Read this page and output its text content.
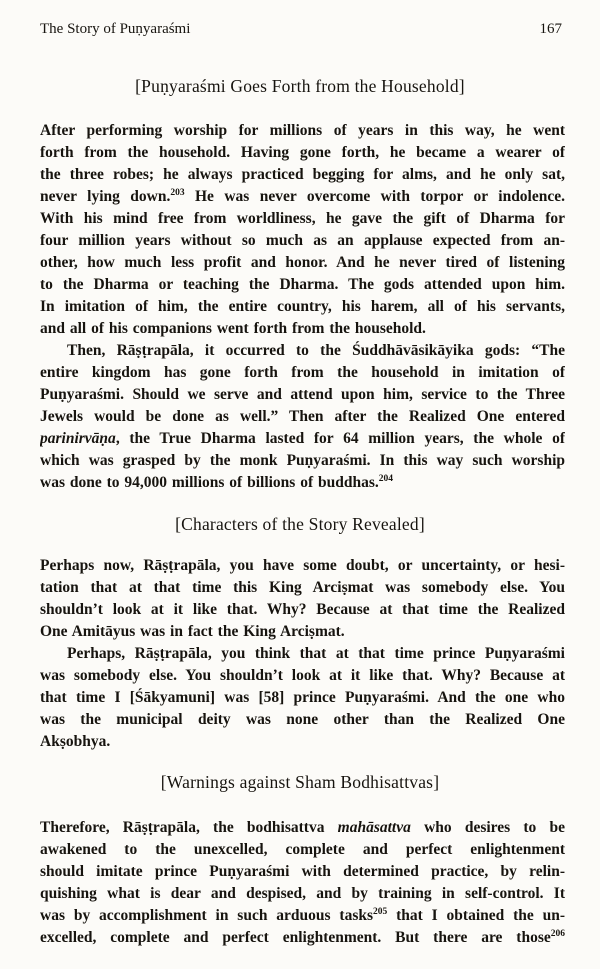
The Story of Puṇyaraśmi	167
[Puṇyaraśmi Goes Forth from the Household]
After performing worship for millions of years in this way, he went
forth from the household. Having gone forth, he became a wearer of
the three robes; he always practiced begging for alms, and he only sat,
never lying down.$^{203}$ He was never overcome with torpor or indolence.
With his mind free from worldliness, he gave the gift of Dharma for
four million years without so much as an applause expected from an-
other, how much less profit and honor. And he never tired of listening
to the Dharma or teaching the Dharma. The gods attended upon him.
In imitation of him, the entire country, his harem, all of his servants,
and all of his companions went forth from the household.
Then, Rāṣṭrapāla, it occurred to the Śuddhāvāsikāyika gods: “The
entire kingdom has gone forth from the household in imitation of
Puṇyaraśmi. Should we serve and attend upon him, service to the Three
Jewels would be done as well.” Then after the Realized One entered
parinirvāṇa, the True Dharma lasted for 64 million years, the whole of
which was grasped by the monk Puṇyaraśmi. In this way such worship
was done to 94,000 millions of billions of buddhas.$^{204}$
[Characters of the Story Revealed]
Perhaps now, Rāṣṭrapāla, you have some doubt, or uncertainty, or hesi-
tation that at that time this King Arciṣmat was somebody else. You
shouldn’t look at it like that. Why? Because at that time the Realized
One Amitāyus was in fact the King Arciṣmat.
Perhaps, Rāṣṭrapāla, you think that at that time prince Puṇyaraśmi
was somebody else. You shouldn’t look at it like that. Why? Because at
that time I [Śākyamuni] was [58] prince Puṇyaraśmi. And the one who
was the municipal deity was none other than the Realized One
Akṣobhya.
[Warnings against Sham Bodhisattvas]
Therefore, Rāṣṭrapāla, the bodhisattva mahāsattva who desires to be
awakened to the unexcelled, complete and perfect enlightenment
should imitate prince Puṇyaraśmi with determined practice, by relin-
quishing what is dear and despised, and by training in self-control. It
was by accomplishment in such arduous tasks$^{205}$ that I obtained the un-
excelled, complete and perfect enlightenment. But there are those$^{206}$
